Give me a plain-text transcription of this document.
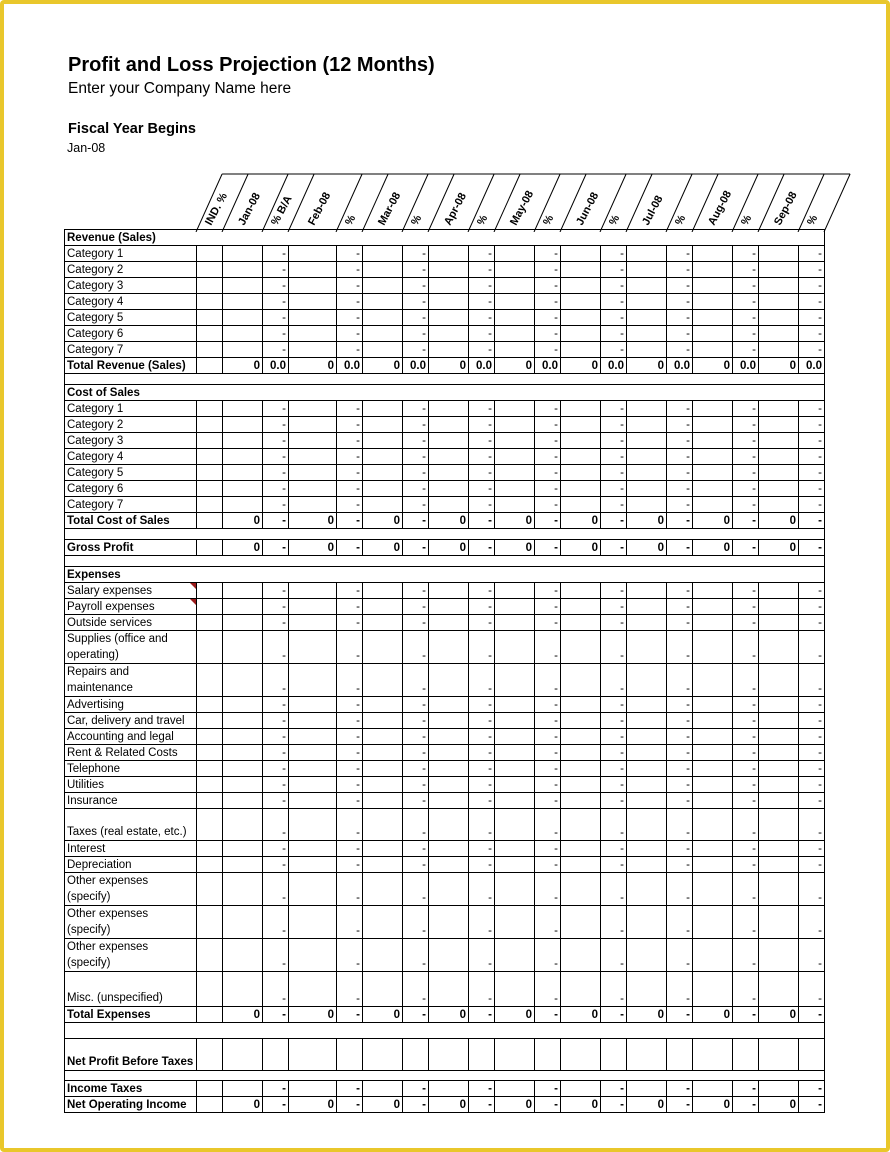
Profit and Loss Projection (12 Months)
Enter your Company Name here
Fiscal Year Begins
Jan-08
IND. % Jan-08 % B/A Feb-08 % Mar-08 % Apr-08 % May-08 % Jun-08 % Jul-08 % Aug-08 % Sep-08 %
Revenue (Sales)																			
Category 1			-		-		-		-		-		-		-		-		-
Category 2			-		-		-		-		-		-		-		-		-
Category 3			-		-		-		-		-		-		-		-		-
Category 4			-		-		-		-		-		-		-		-		-
Category 5			-		-		-		-		-		-		-		-		-
Category 6			-		-		-		-		-		-		-		-		-
Category 7			-		-		-		-		-		-		-		-		-
Total Revenue (Sales)		0	0.0	0	0.0	0	0.0	0	0.0	0	0.0	0	0.0	0	0.0	0	0.0	0	0.0

Cost of Sales																			
Category 1			-		-		-		-		-		-		-		-		-
Category 2			-		-		-		-		-		-		-		-		-
Category 3			-		-		-		-		-		-		-		-		-
Category 4			-		-		-		-		-		-		-		-		-
Category 5			-		-		-		-		-		-		-		-		-
Category 6			-		-		-		-		-		-		-		-		-
Category 7			-		-		-		-		-		-		-		-		-
Total Cost of Sales		0	-	0	-	0	-	0	-	0	-	0	-	0	-	0	-	0	-

Gross Profit		0	-	0	-	0	-	0	-	0	-	0	-	0	-	0	-	0	-

Expenses																			
Salary expenses			-		-		-		-		-		-		-		-		-
Payroll expenses			-		-		-		-		-		-		-		-		-
Outside services			-		-		-		-		-		-		-		-		-
Supplies (office and operating)			-		-		-		-		-		-		-		-		-
Repairs and maintenance			-		-		-		-		-		-		-		-		-
Advertising			-		-		-		-		-		-		-		-		-
Car, delivery and travel			-		-		-		-		-		-		-		-		-
Accounting and legal			-		-		-		-		-		-		-		-		-
Rent & Related Costs			-		-		-		-		-		-		-		-		-
Telephone			-		-		-		-		-		-		-		-		-
Utilities			-		-		-		-		-		-		-		-		-
Insurance			-		-		-		-		-		-		-		-		-
Taxes (real estate, etc.)			-		-		-		-		-		-		-		-		-
Interest			-		-		-		-		-		-		-		-		-
Depreciation			-		-		-		-		-		-		-		-		-
Other expenses (specify)			-		-		-		-		-		-		-		-		-
Other expenses (specify)			-		-		-		-		-		-		-		-		-
Other expenses (specify)			-		-		-		-		-		-		-		-		-
Misc. (unspecified)			-		-		-		-		-		-		-		-		-
Total Expenses		0	-	0	-	0	-	0	-	0	-	0	-	0	-	0	-	0	-

Net Profit Before Taxes																			

Income Taxes			-		-		-		-		-		-		-		-		-
Net Operating Income		0	-	0	-	0	-	0	-	0	-	0	-	0	-	0	-	0	-
